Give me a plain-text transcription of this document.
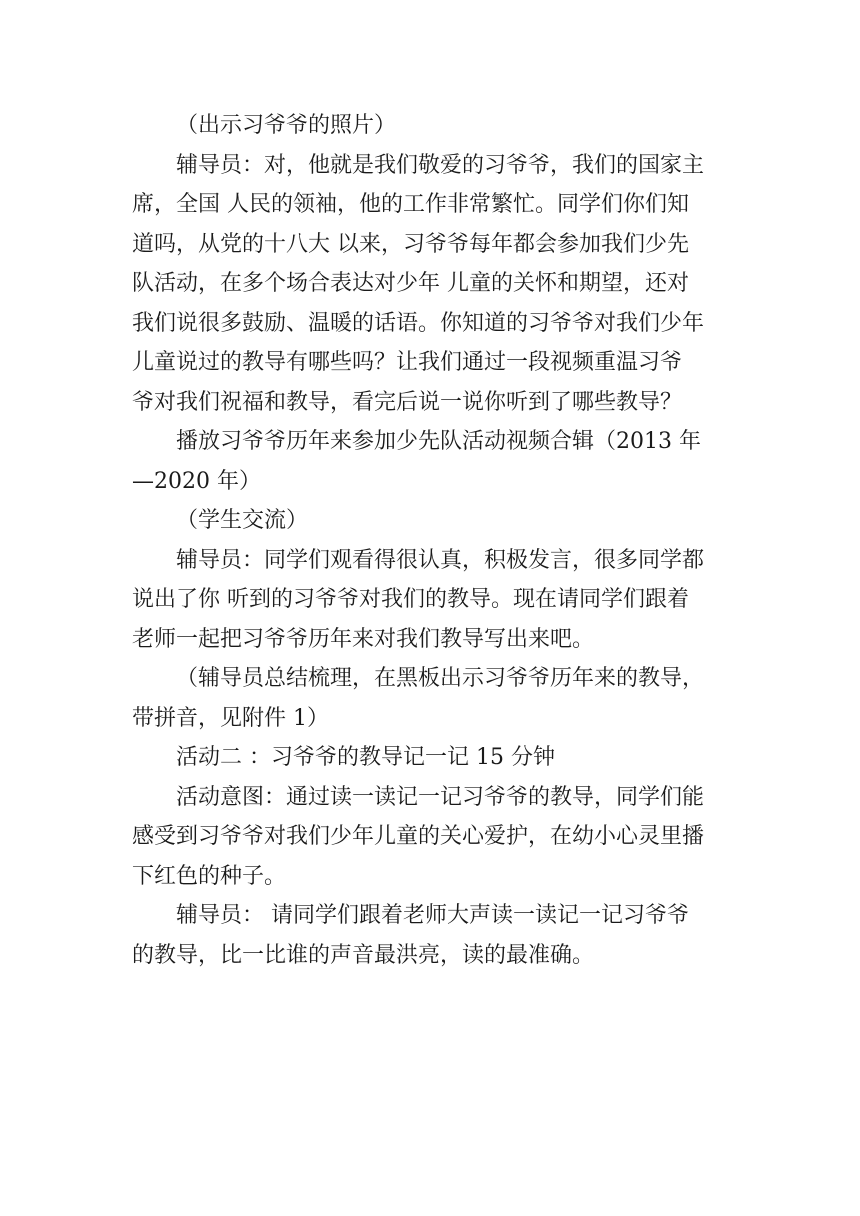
（出示习爷爷的照片）

辅导员：对，他就是我们敬爱的习爷爷，我们的国家主
席，全国 人民的领袖，他的工作非常繁忙。同学们你们知
道吗，从党的十八大 以来，习爷爷每年都会参加我们少先
队活动，在多个场合表达对少年 儿童的关怀和期望，还对
我们说很多鼓励、温暖的话语。你知道的习爷爷对我们少年
儿童说过的教导有哪些吗？让我们通过一段视频重温习爷
爷对我们祝福和教导，看完后说一说你听到了哪些教导？

播放习爷爷历年来参加少先队活动视频合辑（2013 年
—2020 年）

（学生交流）

辅导员：同学们观看得很认真，积极发言，很多同学都
说出了你 听到的习爷爷对我们的教导。现在请同学们跟着
老师一起把习爷爷历年来对我们教导写出来吧。

（辅导员总结梳理，在黑板出示习爷爷历年来的教导，
带拼音，见附件 1）

活动二 ：习爷爷的教导记一记 15 分钟

活动意图：通过读一读记一记习爷爷的教导，同学们能
感受到习爷爷对我们少年儿童的关心爱护，在幼小心灵里播
下红色的种子。

辅导员： 请同学们跟着老师大声读一读记一记习爷爷
的教导，比一比谁的声音最洪亮，读的最准确。
